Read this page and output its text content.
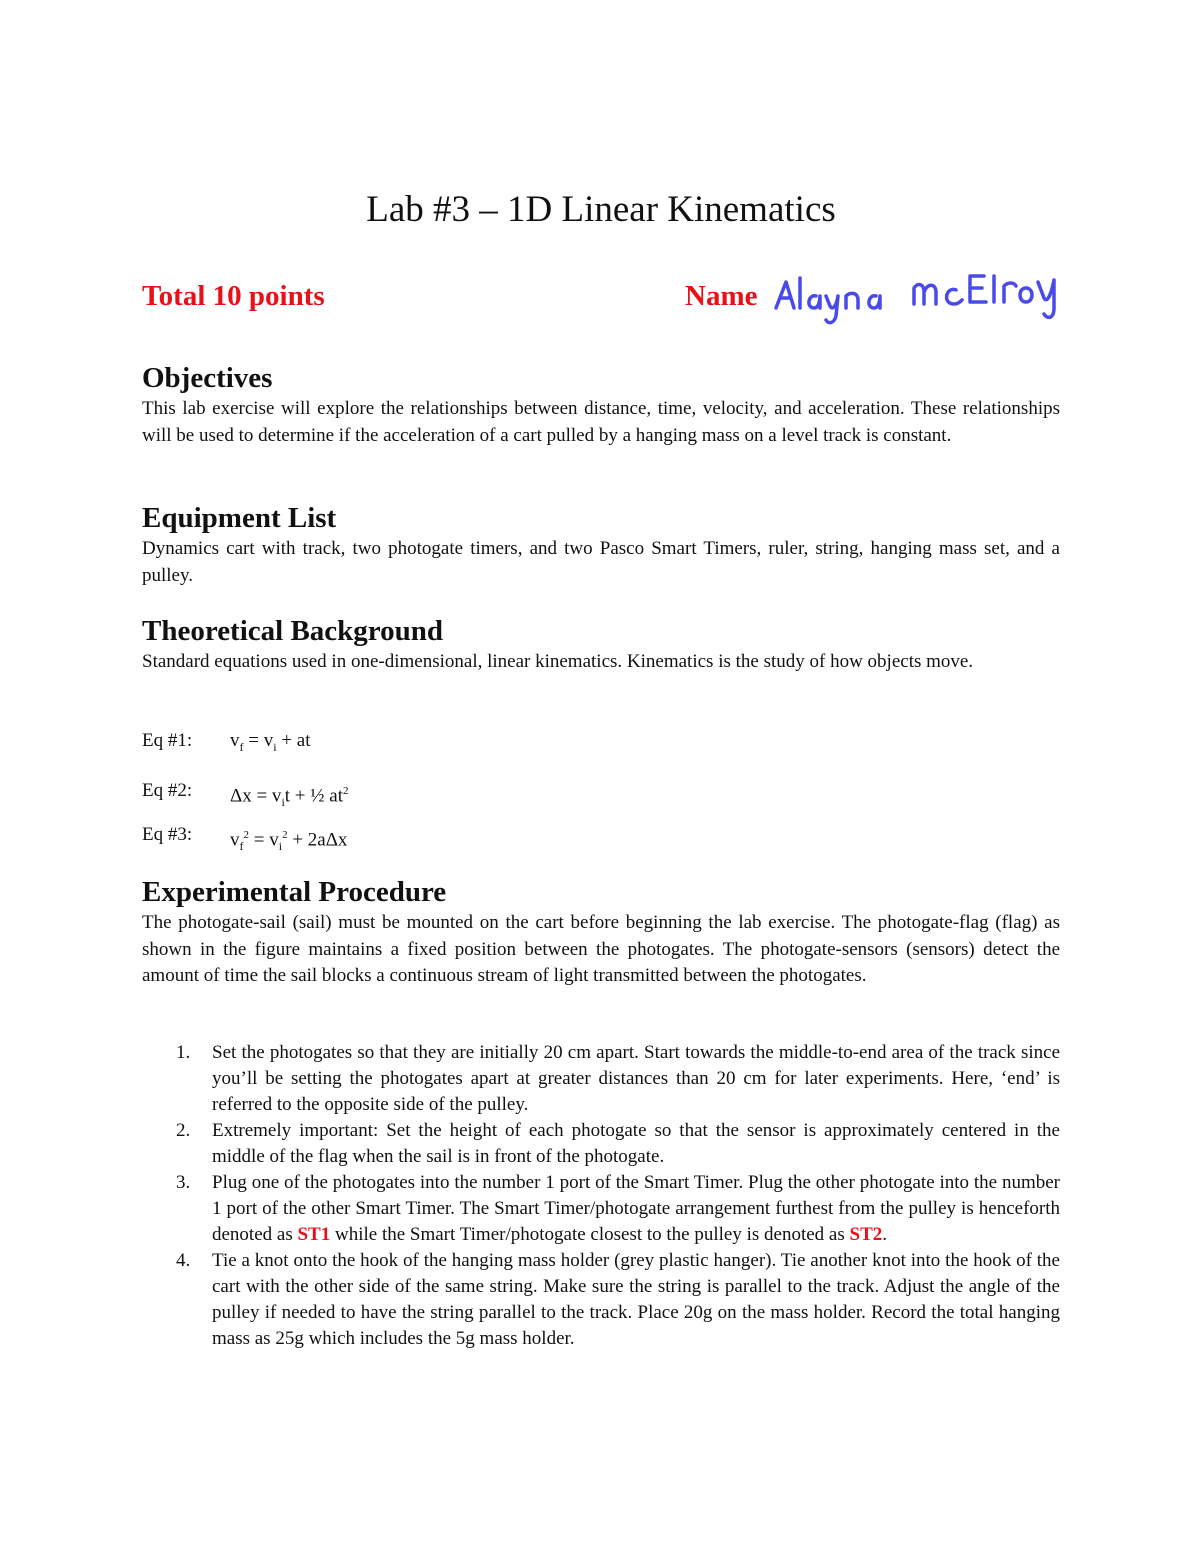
Lab #3 – 1D Linear Kinematics
Total 10 points	Name
Objectives
This lab exercise will explore the relationships between distance, time, velocity, and acceleration. These relationships will be used to determine if the acceleration of a cart pulled by a hanging mass on a level track is constant.
Equipment List
Dynamics cart with track, two photogate timers, and two Pasco Smart Timers, ruler, string, hanging mass set, and a pulley.
Theoretical Background
Standard equations used in one-dimensional, linear kinematics. Kinematics is the study of how objects move.
Eq #1: $v_f = v_i$ + at
Eq #2: $\Delta x = v_it$ + ½ $at^2$
Eq #3: $v_f^2 = v_i^2 + 2a\Delta x$
Experimental Procedure
The photogate-sail (sail) must be mounted on the cart before beginning the lab exercise. The photogate-flag (flag) as shown in the figure maintains a fixed position between the photogates. The photogate-sensors (sensors) detect the amount of time the sail blocks a continuous stream of light transmitted between the photogates.
1. Set the photogates so that they are initially 20 cm apart. Start towards the middle-to-end area of the track since you’ll be setting the photogates apart at greater distances than 20 cm for later experiments. Here, ‘end’ is referred to the opposite side of the pulley.
2. Extremely important: Set the height of each photogate so that the sensor is approximately centered in the middle of the flag when the sail is in front of the photogate.
3. Plug one of the photogates into the number 1 port of the Smart Timer. Plug the other photogate into the number 1 port of the other Smart Timer. The Smart Timer/photogate arrangement furthest from the pulley is henceforth denoted as ST1 while the Smart Timer/photogate closest to the pulley is denoted as ST2.
4. Tie a knot onto the hook of the hanging mass holder (grey plastic hanger). Tie another knot into the hook of the cart with the other side of the same string. Make sure the string is parallel to the track. Adjust the angle of the pulley if needed to have the string parallel to the track. Place 20g on the mass holder. Record the total hanging mass as 25g which includes the 5g mass holder.
